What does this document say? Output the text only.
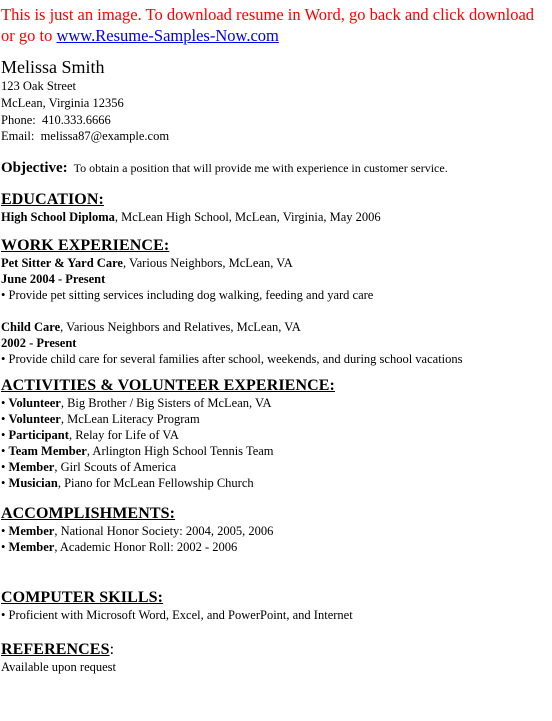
This is just an image. To download resume in Word, go back and click download or go to www.Resume-Samples-Now.com
Melissa Smith
123 Oak Street
McLean, Virginia 12356
Phone: 410.333.6666
Email: melissa87@example.com
Objective: To obtain a position that will provide me with experience in customer service.
EDUCATION:
High School Diploma, McLean High School, McLean, Virginia, May 2006
WORK EXPERIENCE:
Pet Sitter & Yard Care, Various Neighbors, McLean, VA
June 2004 - Present
• Provide pet sitting services including dog walking, feeding and yard care
Child Care, Various Neighbors and Relatives, McLean, VA
2002 - Present
• Provide child care for several families after school, weekends, and during school vacations
ACTIVITIES & VOLUNTEER EXPERIENCE:
• Volunteer, Big Brother / Big Sisters of McLean, VA
• Volunteer, McLean Literacy Program
• Participant, Relay for Life of VA
• Team Member, Arlington High School Tennis Team
• Member, Girl Scouts of America
• Musician, Piano for McLean Fellowship Church
ACCOMPLISHMENTS:
• Member, National Honor Society: 2004, 2005, 2006
• Member, Academic Honor Roll: 2002 - 2006
COMPUTER SKILLS:
• Proficient with Microsoft Word, Excel, and PowerPoint, and Internet
REFERENCES:
Available upon request
